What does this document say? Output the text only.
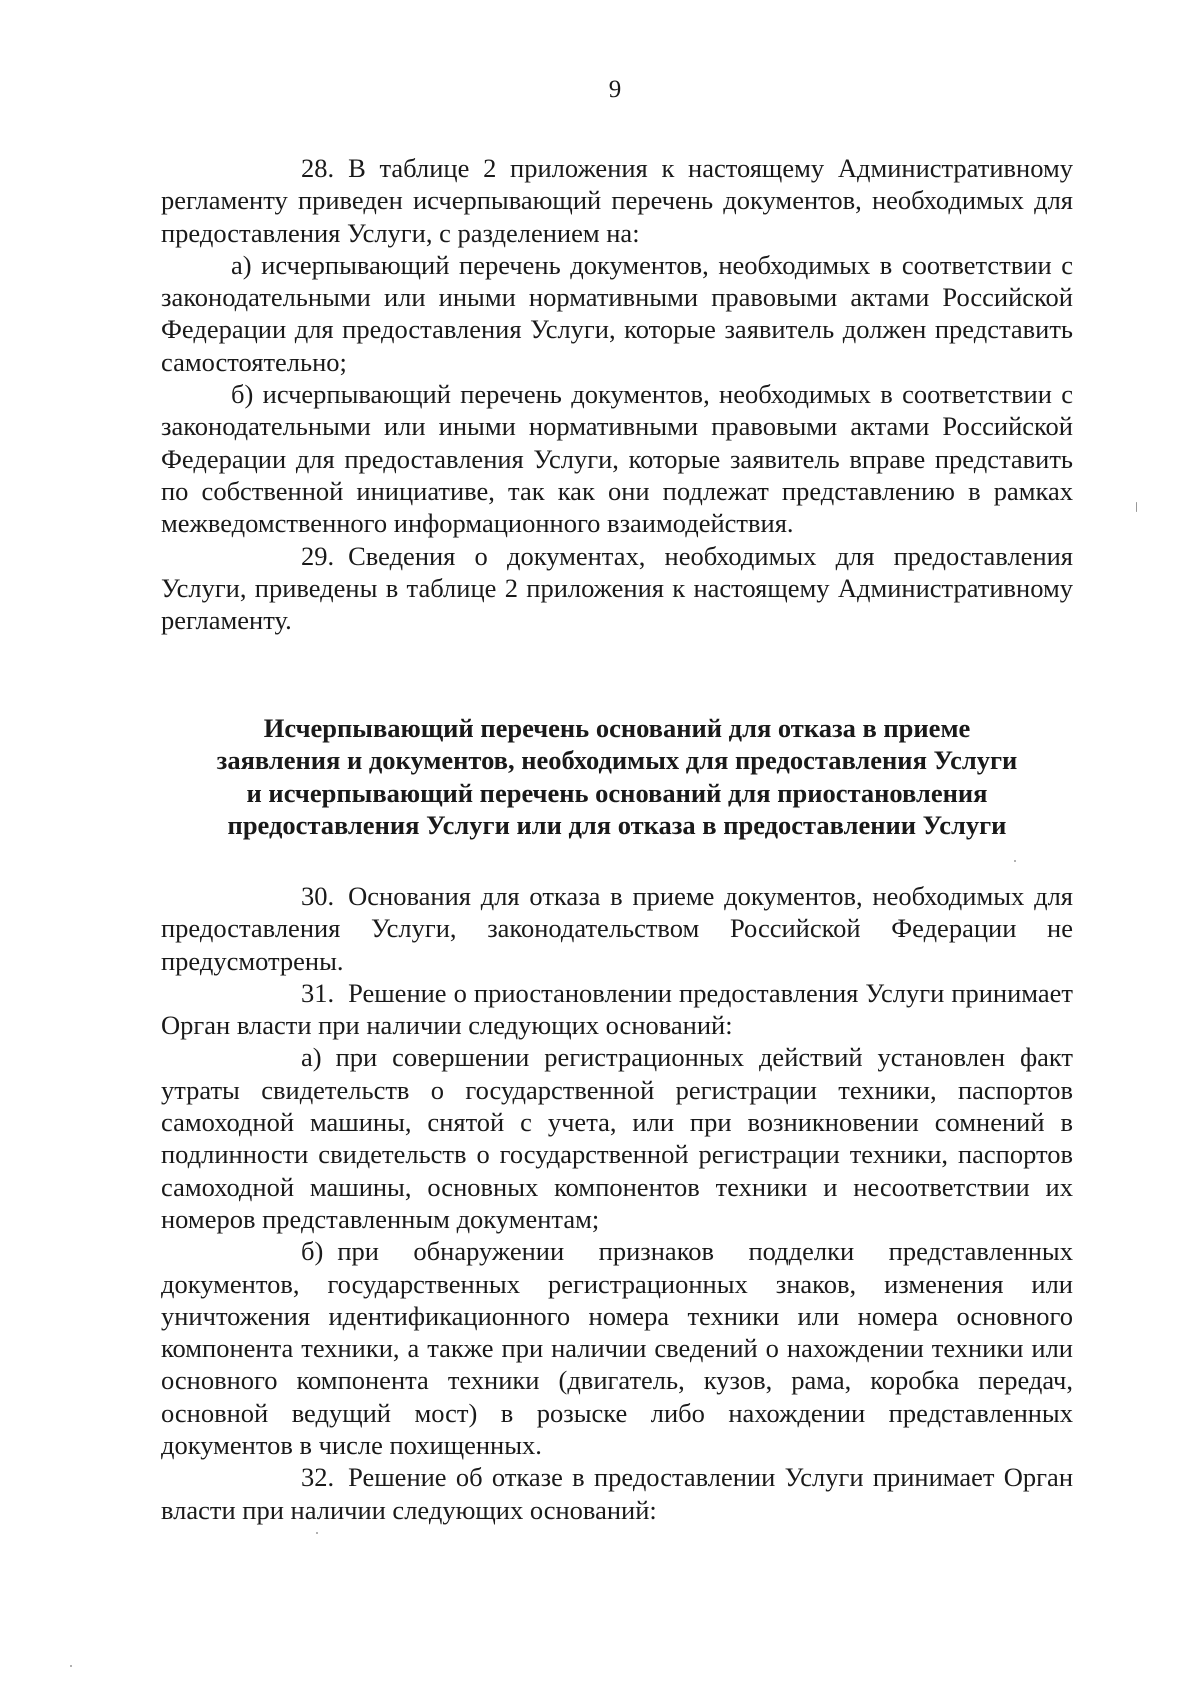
9

28. В таблице 2 приложения к настоящему Административному регламенту приведен исчерпывающий перечень документов, необходимых для предоставления Услуги, с разделением на:

а) исчерпывающий перечень документов, необходимых в соответствии с законодательными или иными нормативными правовыми актами Российской Федерации для предоставления Услуги, которые заявитель должен представить самостоятельно;

б) исчерпывающий перечень документов, необходимых в соответствии с законодательными или иными нормативными правовыми актами Российской Федерации для предоставления Услуги, которые заявитель вправе представить по собственной инициативе, так как они подлежат представлению в рамках межведомственного информационного взаимодействия.

29. Сведения о документах, необходимых для предоставления Услуги, приведены в таблице 2 приложения к настоящему Административному регламенту.

Исчерпывающий перечень оснований для отказа в приеме
заявления и документов, необходимых для предоставления Услуги
и исчерпывающий перечень оснований для приостановления
предоставления Услуги или для отказа в предоставлении Услуги

30. Основания для отказа в приеме документов, необходимых для предоставления Услуги, законодательством Российской Федерации не предусмотрены.

31. Решение о приостановлении предоставления Услуги принимает Орган власти при наличии следующих оснований:

а) при совершении регистрационных действий установлен факт утраты свидетельств о государственной регистрации техники, паспортов самоходной машины, снятой с учета, или при возникновении сомнений в подлинности свидетельств о государственной регистрации техники, паспортов самоходной машины, основных компонентов техники и несоответствии их номеров представленным документам;

б) при обнаружении признаков подделки представленных документов, государственных регистрационных знаков, изменения или уничтожения идентификационного номера техники или номера основного компонента техники, а также при наличии сведений о нахождении техники или основного компонента техники (двигатель, кузов, рама, коробка передач, основной ведущий мост) в розыске либо нахождении представленных документов в числе похищенных.

32. Решение об отказе в предоставлении Услуги принимает Орган власти при наличии следующих оснований:
